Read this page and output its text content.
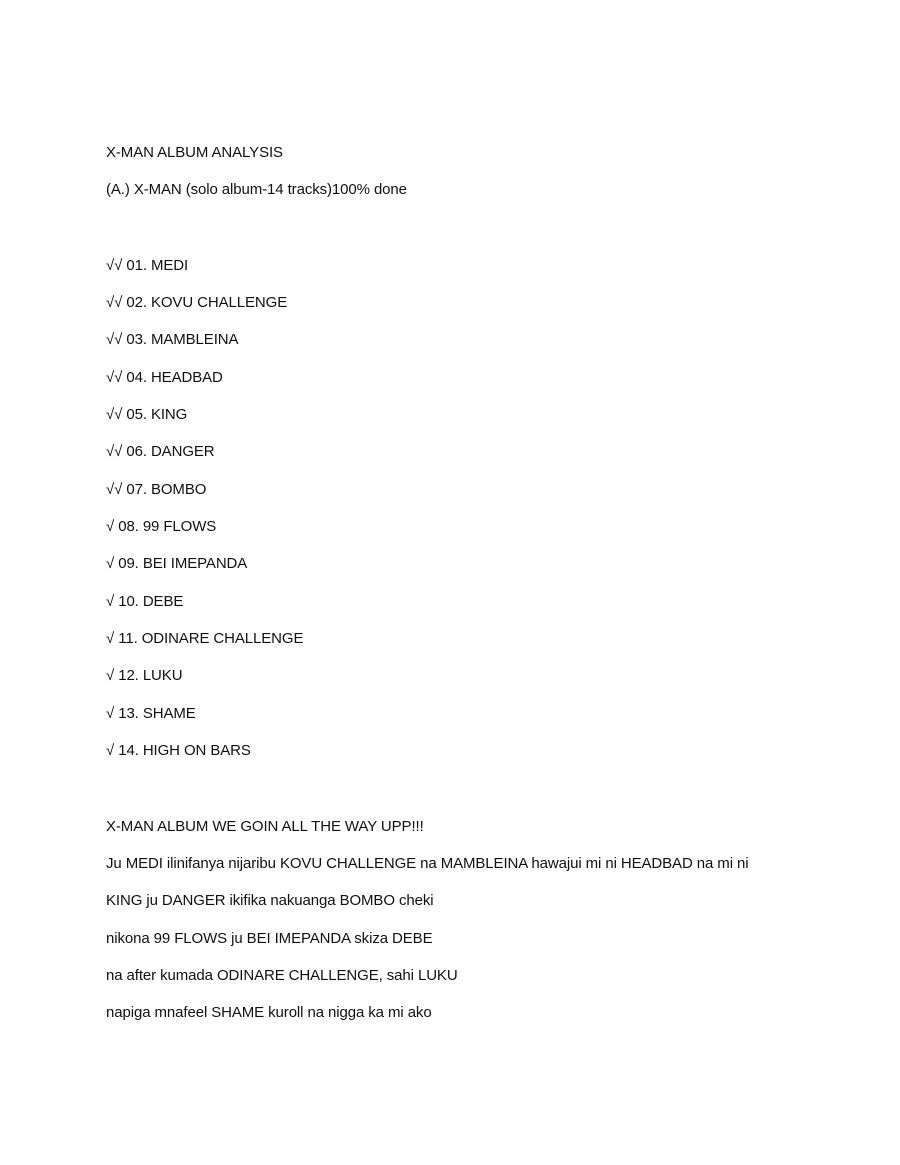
X-MAN ALBUM ANALYSIS
(A.) X-MAN (solo album-14 tracks)100% done
√√ 01. MEDI
√√ 02. KOVU CHALLENGE
√√ 03. MAMBLEINA
√√ 04. HEADBAD
√√ 05. KING
√√ 06. DANGER
√√ 07. BOMBO
√ 08. 99 FLOWS
√ 09. BEI IMEPANDA
√ 10. DEBE
√ 11. ODINARE CHALLENGE
√ 12. LUKU
√ 13. SHAME
√ 14. HIGH ON BARS
X-MAN ALBUM WE GOIN ALL THE WAY UPP!!!
Ju MEDI ilinifanya nijaribu KOVU CHALLENGE na MAMBLEINA hawajui mi ni HEADBAD na mi ni
KING ju DANGER ikifika nakuanga BOMBO cheki
nikona 99 FLOWS ju BEI IMEPANDA skiza DEBE
na after kumada ODINARE CHALLENGE, sahi LUKU
napiga mnafeel SHAME kuroll na nigga ka mi ako
